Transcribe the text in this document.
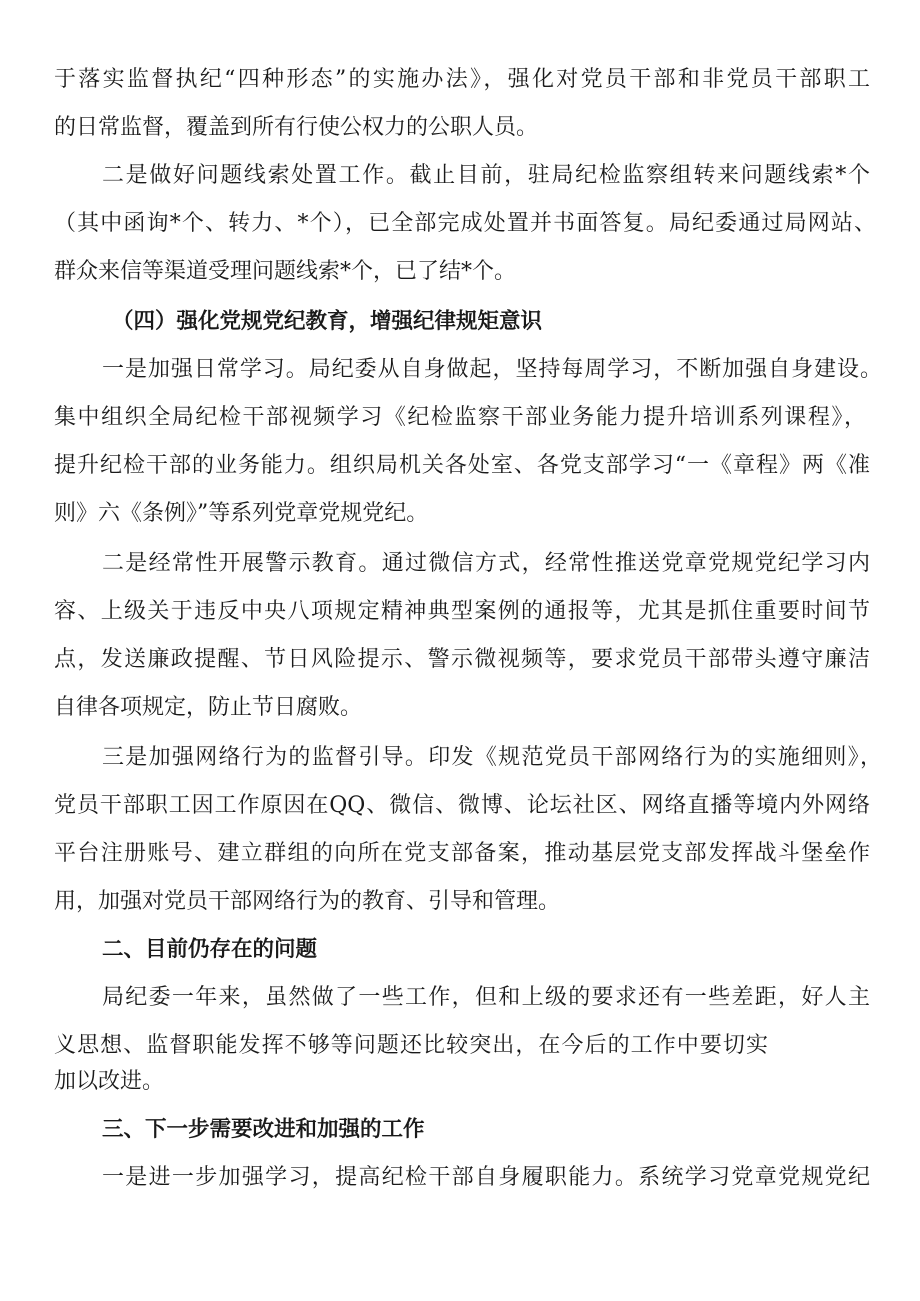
于落实监督执纪“四种形态”的实施办法》，强化对党员干部和非党员干部职工
的日常监督，覆盖到所有行使公权力的公职人员。
二是做好问题线索处置工作。截止目前，驻局纪检监察组转来问题线索*个
（其中函询*个、转力、*个），已全部完成处置并书面答复。局纪委通过局网站、
群众来信等渠道受理问题线索*个，已了结*个。
（四）强化党规党纪教育，增强纪律规矩意识
一是加强日常学习。局纪委从自身做起，坚持每周学习，不断加强自身建设。
集中组织全局纪检干部视频学习《纪检监察干部业务能力提升培训系列课程》，
提升纪检干部的业务能力。组织局机关各处室、各党支部学习“一《章程》两《准
则》六《条例》”等系列党章党规党纪。
二是经常性开展警示教育。通过微信方式，经常性推送党章党规党纪学习内
容、上级关于违反中央八项规定精神典型案例的通报等，尤其是抓住重要时间节
点，发送廉政提醒、节日风险提示、警示微视频等，要求党员干部带头遵守廉洁
自律各项规定，防止节日腐败。
三是加强网络行为的监督引导。印发《规范党员干部网络行为的实施细则》，
党员干部职工因工作原因在QQ、微信、微博、论坛社区、网络直播等境内外网络
平台注册账号、建立群组的向所在党支部备案，推动基层党支部发挥战斗堡垒作
用，加强对党员干部网络行为的教育、引导和管理。
二、目前仍存在的问题
局纪委一年来，虽然做了一些工作，但和上级的要求还有一些差距，好人主
义思想、监督职能发挥不够等问题还比较突出，在今后的工作中要切实
加以改进。
三、下一步需要改进和加强的工作
一是进一步加强学习，提高纪检干部自身履职能力。系统学习党章党规党纪
